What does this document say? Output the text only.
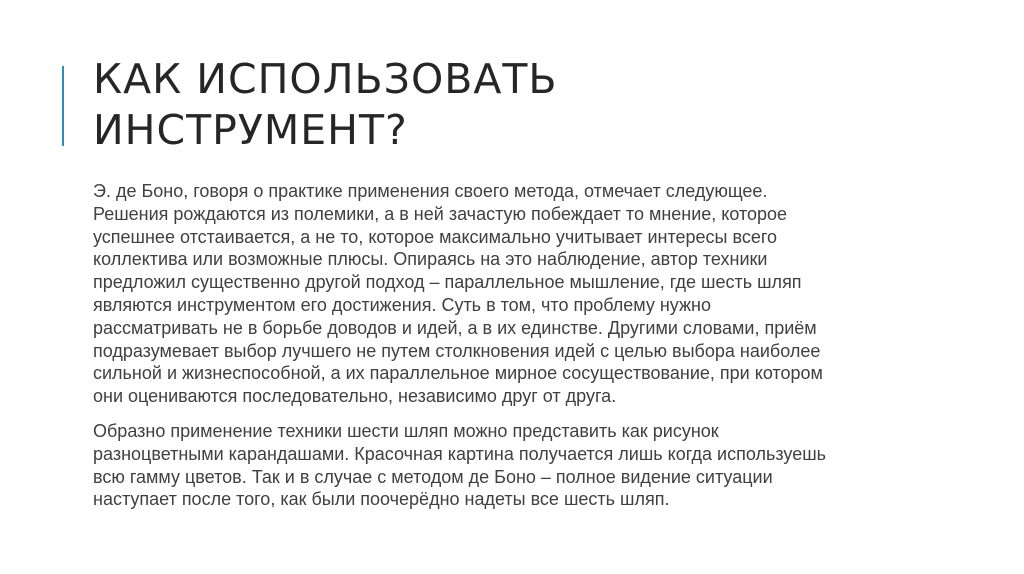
КАК ИСПОЛЬЗОВАТЬ
ИНСТРУМЕНТ?

Э. де Боно, говоря о практике применения своего метода, отмечает следующее.
Решения рождаются из полемики, а в ней зачастую побеждает то мнение, которое
успешнее отстаивается, а не то, которое максимально учитывает интересы всего
коллектива или возможные плюсы. Опираясь на это наблюдение, автор техники
предложил существенно другой подход – параллельное мышление, где шесть шляп
являются инструментом его достижения. Суть в том, что проблему нужно
рассматривать не в борьбе доводов и идей, а в их единстве. Другими словами, приём
подразумевает выбор лучшего не путем столкновения идей с целью выбора наиболее
сильной и жизнеспособной, а их параллельное мирное сосуществование, при котором
они оцениваются последовательно, независимо друг от друга.

Образно применение техники шести шляп можно представить как рисунок
разноцветными карандашами. Красочная картина получается лишь когда используешь
всю гамму цветов. Так и в случае с методом де Боно – полное видение ситуации
наступает после того, как были поочерёдно надеты все шесть шляп.
